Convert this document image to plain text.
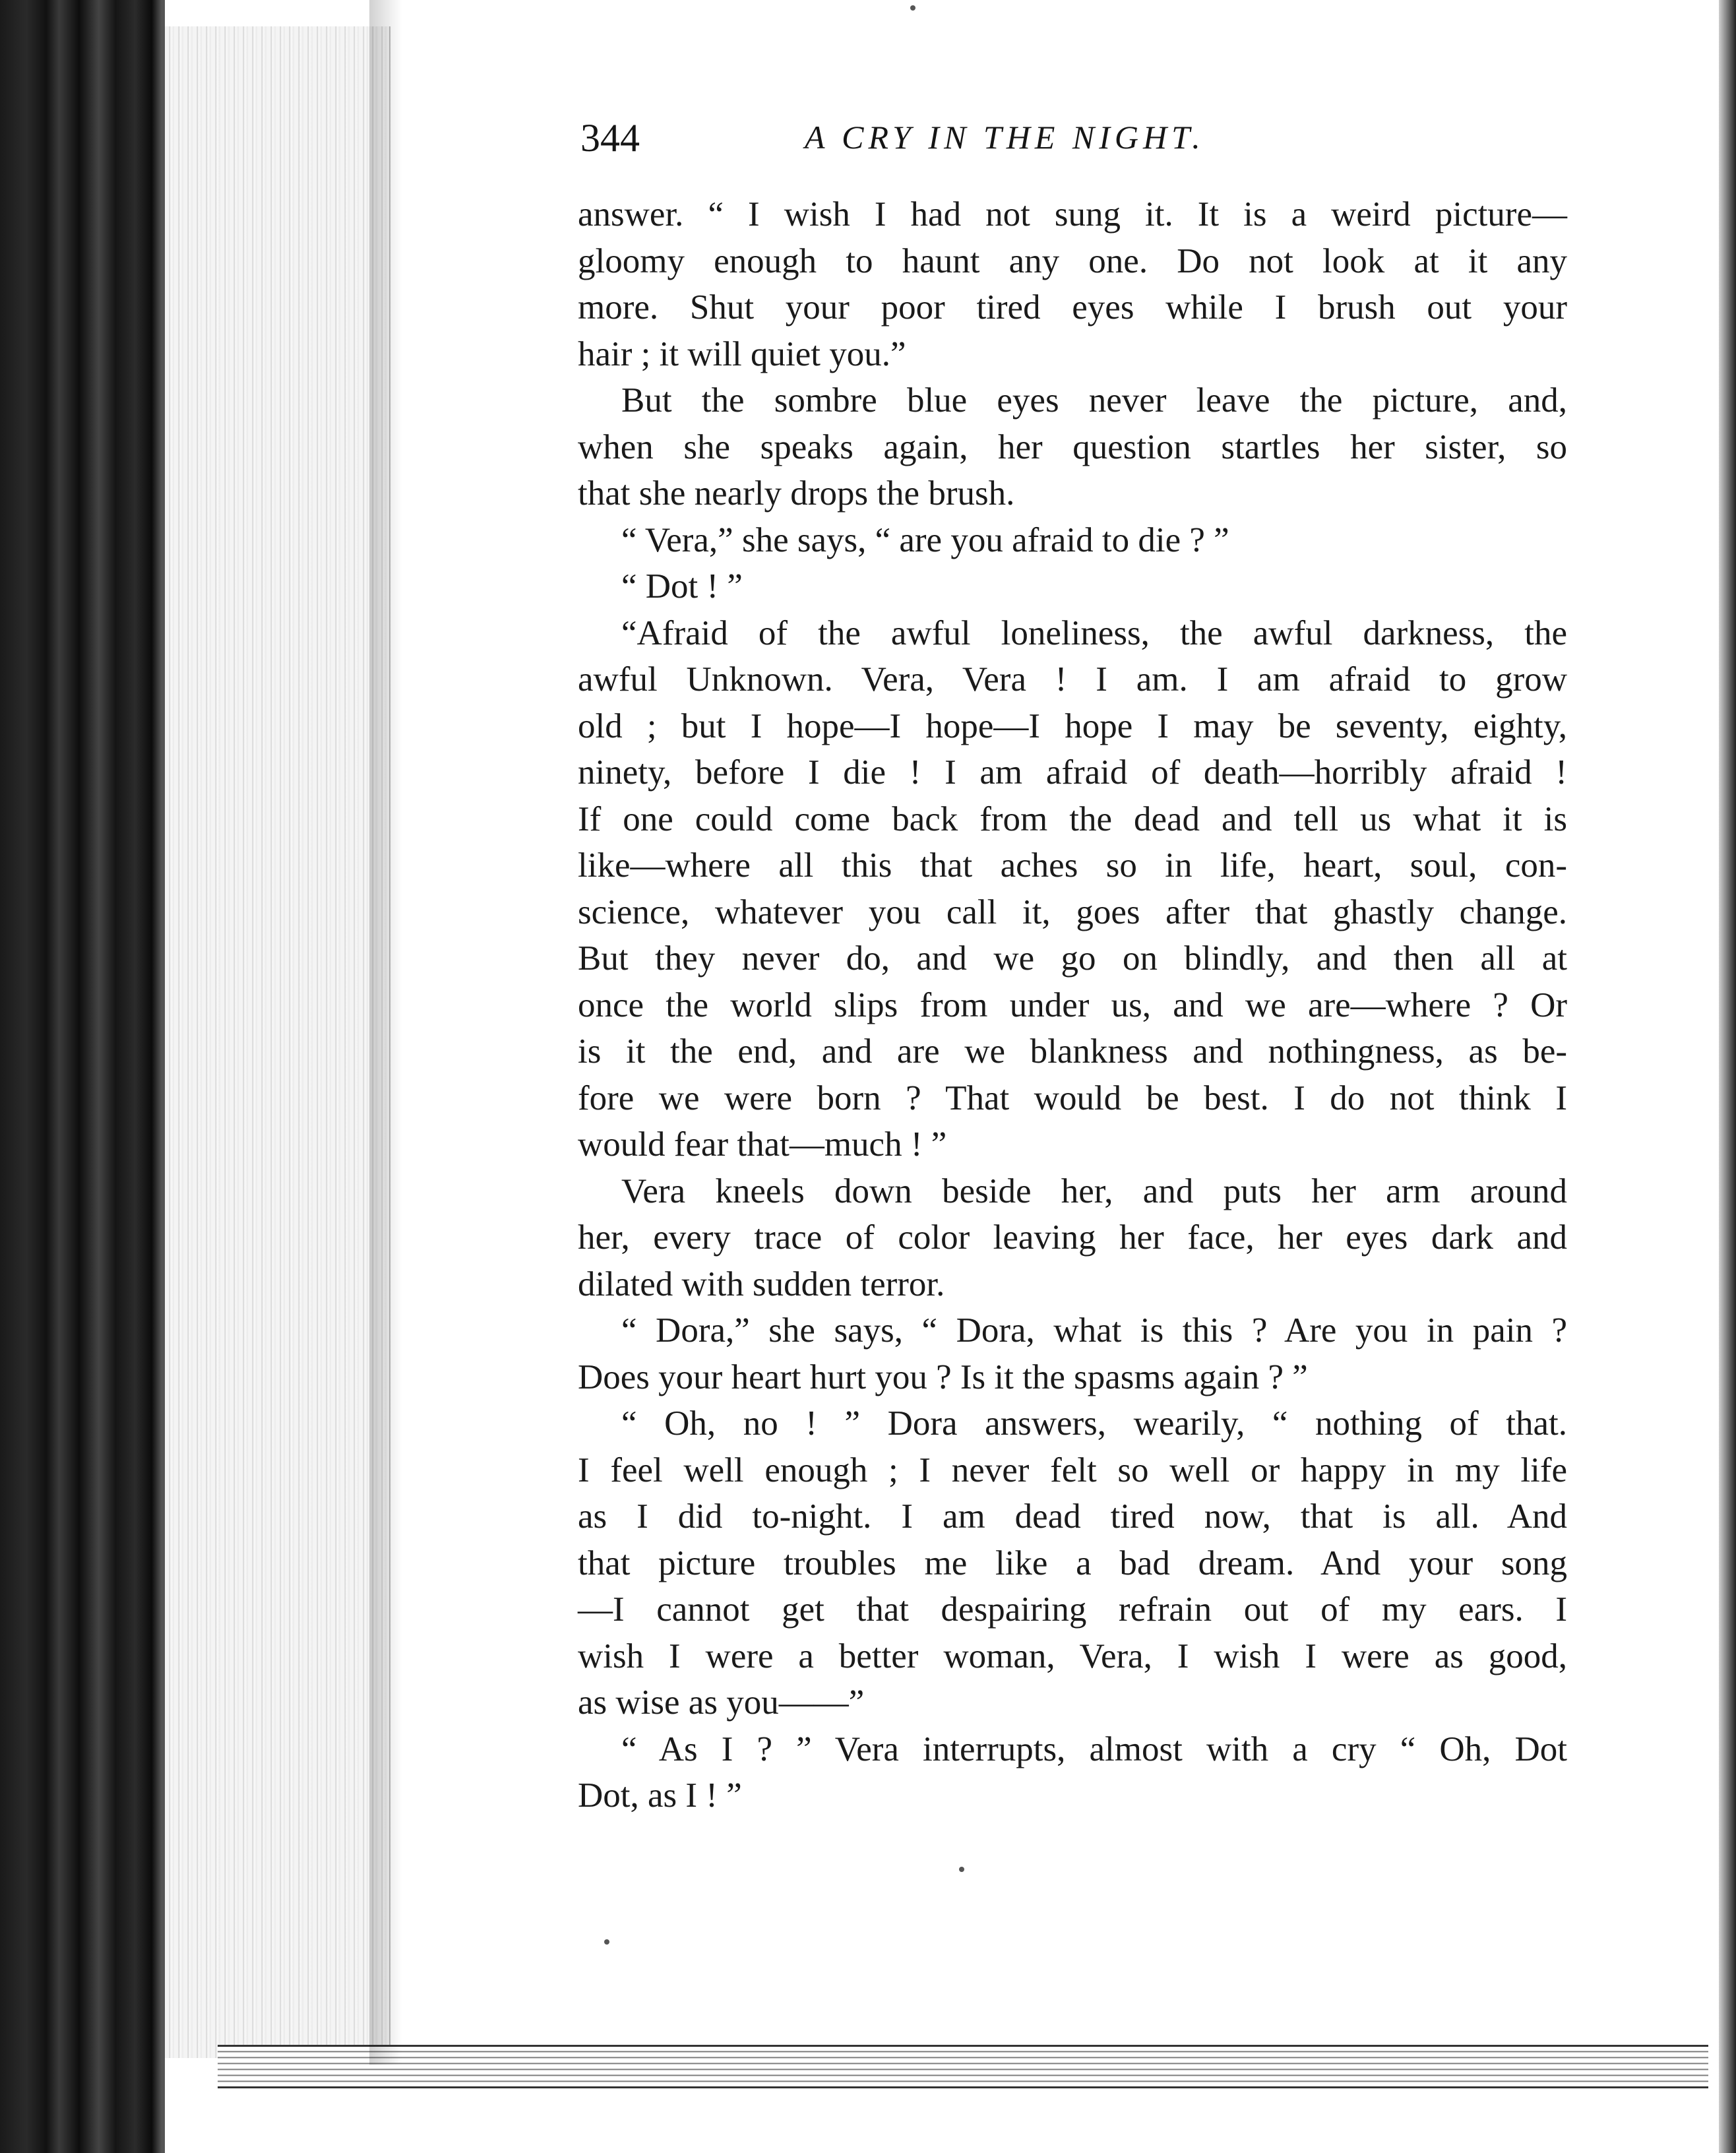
344	A CRY IN THE NIGHT.

answer. “ I wish I had not sung it. It is a weird picture—

gloomy enough to haunt any one. Do not look at it any

more. Shut your poor tired eyes while I brush out your

hair ; it will quiet you.”

But the sombre blue eyes never leave the picture, and,

when she speaks again, her question startles her sister, so

that she nearly drops the brush.

“ Vera,” she says, “ are you afraid to die ? ”

“ Dot ! ”

“Afraid of the awful loneliness, the awful darkness, the

awful Unknown. Vera, Vera ! I am. I am afraid to grow

old ; but I hope—I hope—I hope I may be seventy, eighty,

ninety, before I die ! I am afraid of death—horribly afraid !

If one could come back from the dead and tell us what it is

like—where all this that aches so in life, heart, soul, con-

science, whatever you call it, goes after that ghastly change.

But they never do, and we go on blindly, and then all at

once the world slips from under us, and we are—where ? Or

is it the end, and are we blankness and nothingness, as be-

fore we were born ? That would be best. I do not think I

would fear that—much ! ”

Vera kneels down beside her, and puts her arm around

her, every trace of color leaving her face, her eyes dark and

dilated with sudden terror.

“ Dora,” she says, “ Dora, what is this ? Are you in pain ?

Does your heart hurt you ? Is it the spasms again ? ”

“ Oh, no ! ” Dora answers, wearily, “ nothing of that.

I feel well enough ; I never felt so well or happy in my life

as I did to-night. I am dead tired now, that is all. And

that picture troubles me like a bad dream. And your song

—I cannot get that despairing refrain out of my ears. I

wish I were a better woman, Vera, I wish I were as good,

as wise as you——”

“ As I ? ” Vera interrupts, almost with a cry “ Oh, Dot

Dot, as I ! ”
